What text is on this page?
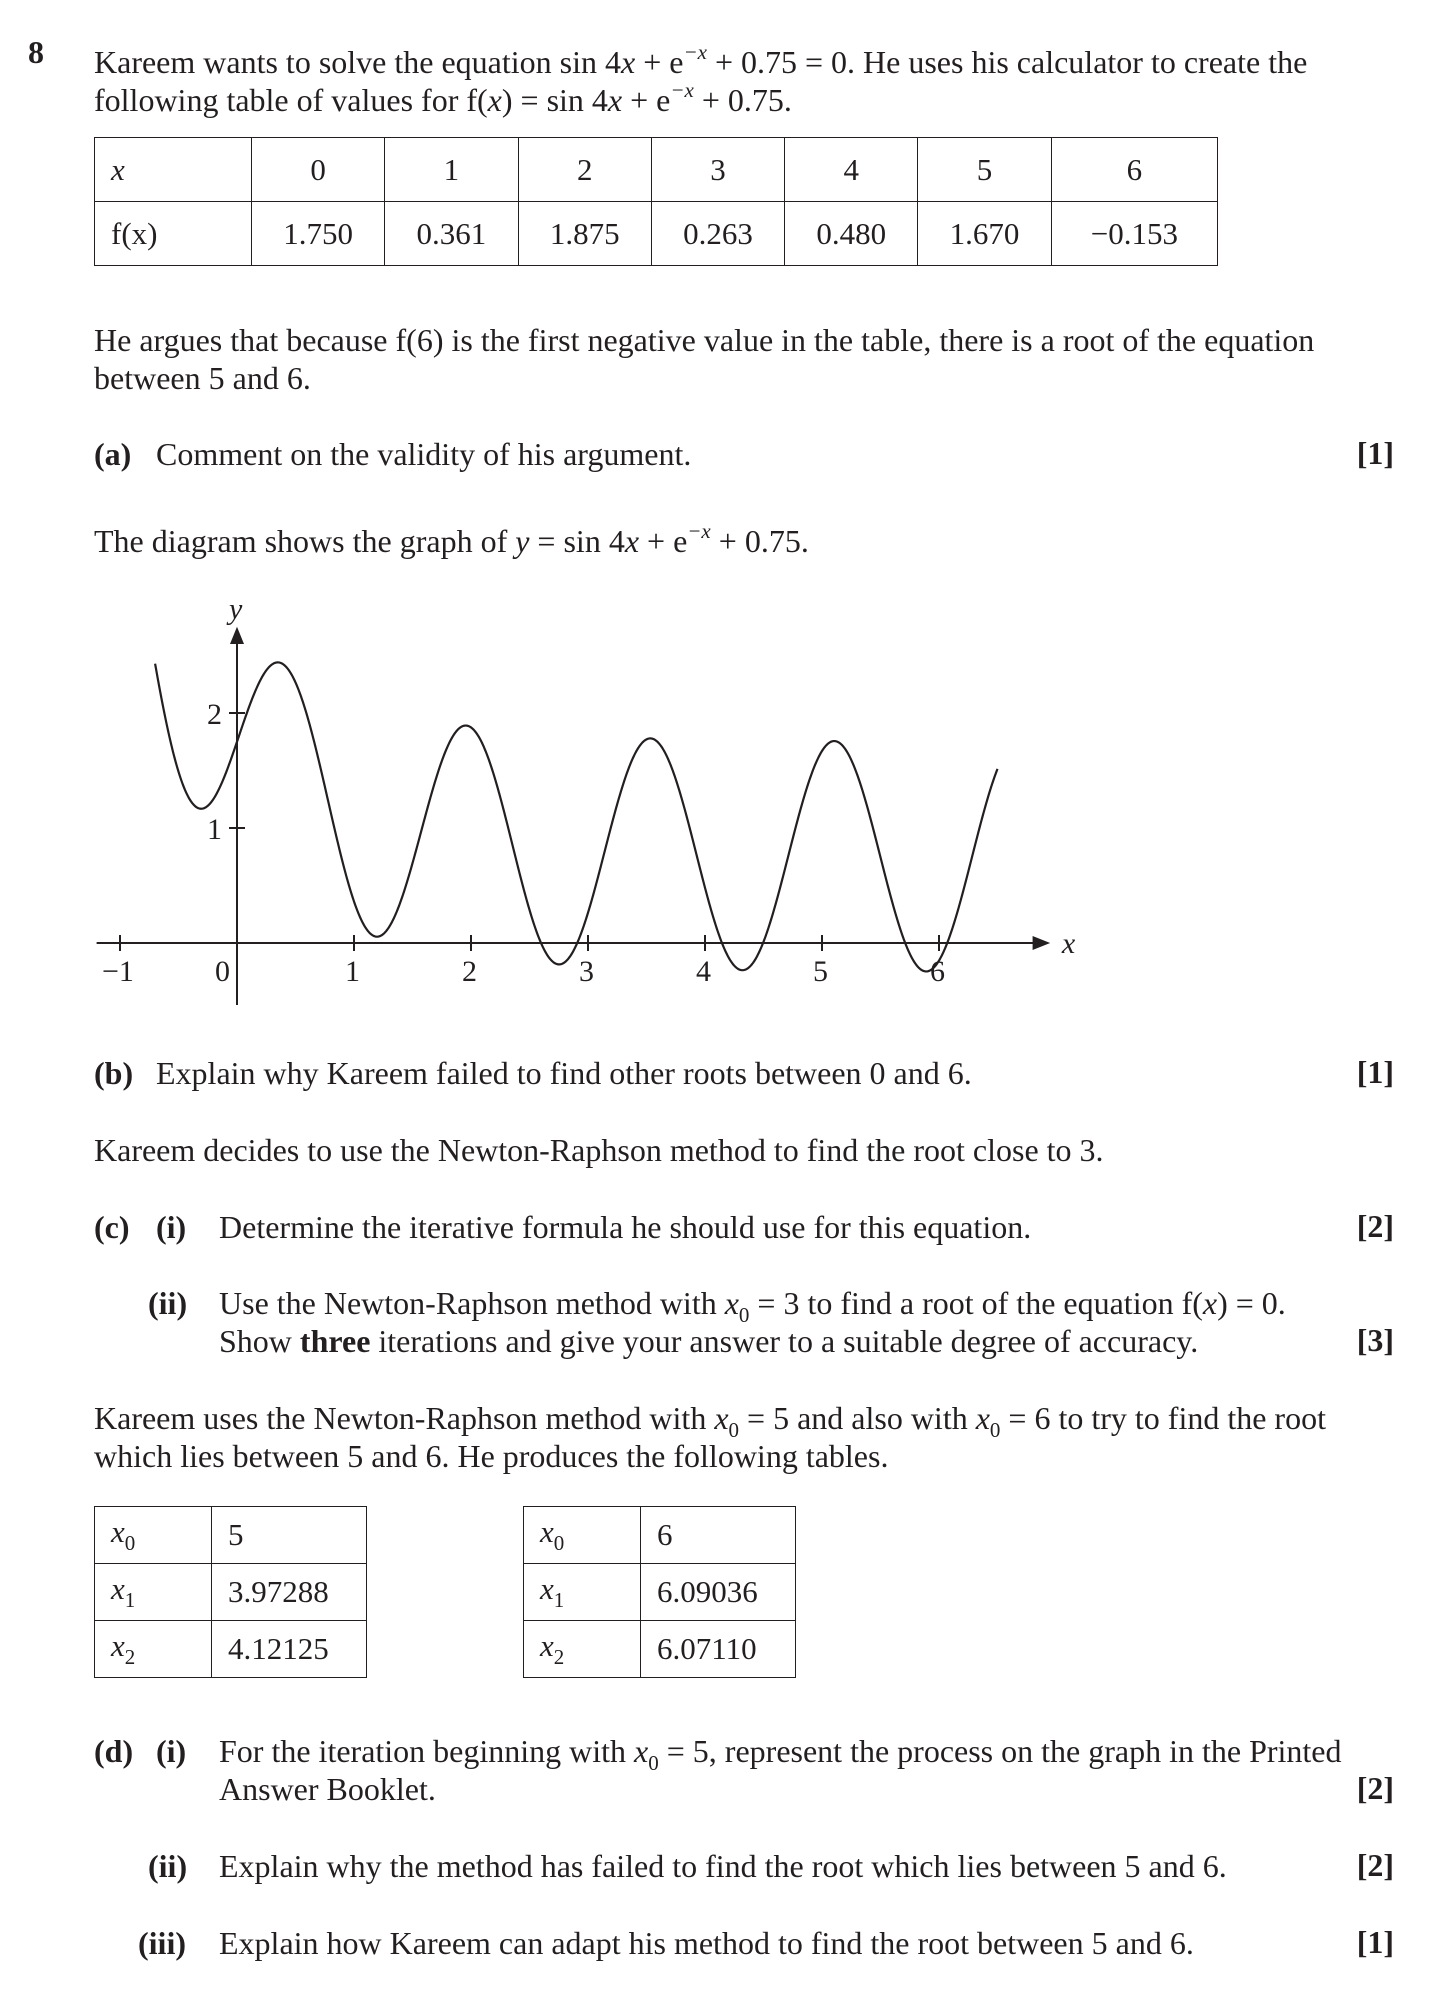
8 Kareem wants to solve the equation $\sin 4x + e^{-x} + 0.75 = 0$. He uses his calculator to create the
following table of values for $f(x) = \sin 4x + e^{-x} + 0.75$.
x	0	1	2	3	4	5	6
f(x)	1.750	0.361	1.875	0.263	0.480	1.670	−0.153
He argues that because f(6) is the first negative value in the table, there is a root of the equation
between 5 and 6.
(a) Comment on the validity of his argument.	[1]
The diagram shows the graph of $y = \sin 4x + e^{-x} + 0.75$.
x
y
−1	0	1	2	3	4	5	6
1
2
(b) Explain why Kareem failed to find other roots between 0 and 6.	[1]
Kareem decides to use the Newton-Raphson method to find the root close to 3.
(c) (i) Determine the iterative formula he should use for this equation.	[2]
(ii) Use the Newton-Raphson method with $x_0 = 3$ to find a root of the equation f(x) = 0.
Show three iterations and give your answer to a suitable degree of accuracy.	[3]
Kareem uses the Newton-Raphson method with $x_0 = 5$ and also with $x_0 = 6$ to try to find the root
which lies between 5 and 6. He produces the following tables.
$x_0$	5
$x_1$	3.97288
$x_2$	4.12125
$x_0$	6
$x_1$	6.09036
$x_2$	6.07110
(d) (i) For the iteration beginning with $x_0 = 5$, represent the process on the graph in the Printed
Answer Booklet.	[2]
(ii) Explain why the method has failed to find the root which lies between 5 and 6.	[2]
(iii) Explain how Kareem can adapt his method to find the root between 5 and 6.	[1]
